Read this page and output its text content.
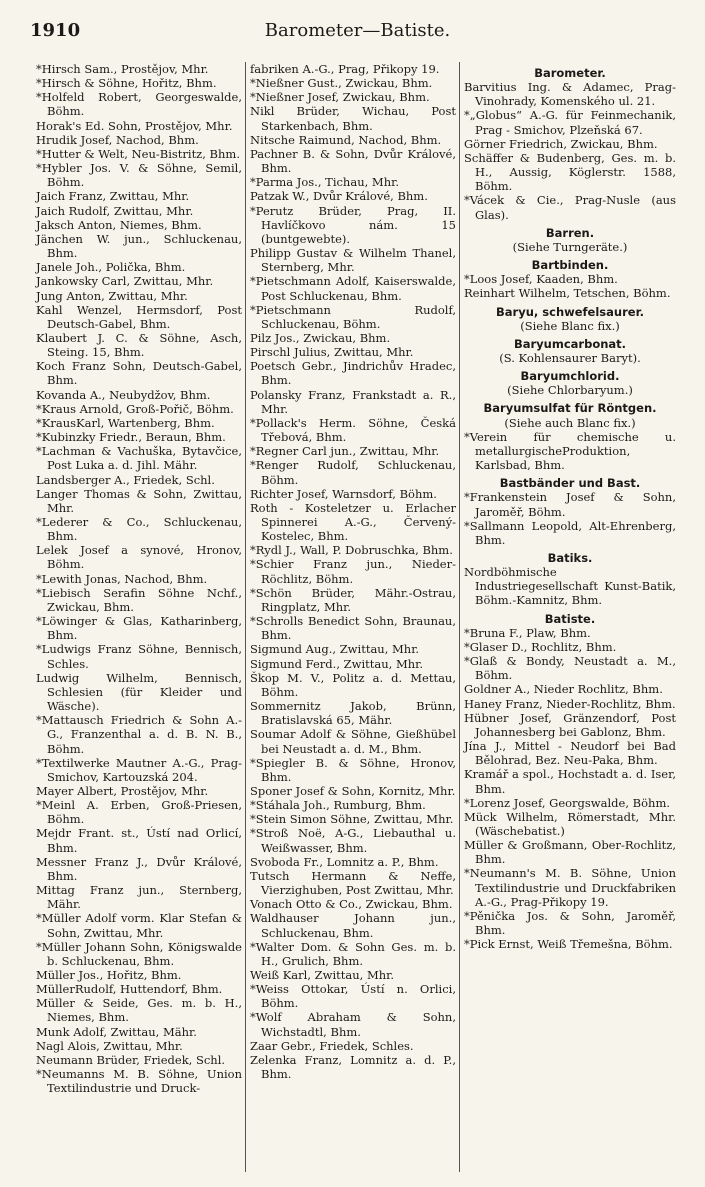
1910	Barometer—Batiste.
*Hirsch Sam., Prostějov, Mhr.
*Hirsch & Söhne, Hořitz, Bhm.
*Holfeld Robert, Georgeswalde, Böhm.
Horak's Ed. Sohn, Prostějov, Mhr.
Hrudik Josef, Nachod, Bhm.
*Hutter & Welt, Neu-Bistritz, Bhm.
*Hybler Jos. V. & Söhne, Semil, Böhm.
Jaich Franz, Zwittau, Mhr.
Jaich Rudolf, Zwittau, Mhr.
Jaksch Anton, Niemes, Bhm.
Jänchen W. jun., Schluckenau, Bhm.
Janele Joh., Polička, Bhm.
Jankowsky Carl, Zwittau, Mhr.
Jung Anton, Zwittau, Mhr.
Kahl Wenzel, Hermsdorf, Post Deutsch-Gabel, Bhm.
Klaubert J. C. & Söhne, Asch, Steing. 15, Bhm.
Koch Franz Sohn, Deutsch-Gabel, Bhm.
Kovanda A., Neubydžov, Bhm.
*Kraus Arnold, Groß-Pořič, Böhm.
*KrausKarl, Wartenberg, Bhm.
*Kubinzky Friedr., Beraun, Bhm.
*Lachman & Vachuška, Bytavčice, Post Luka a. d. Jihl. Mähr.
Landsberger A., Friedek, Schl.
Langer Thomas & Sohn, Zwittau, Mhr.
*Lederer & Co., Schluckenau, Bhm.
Lelek Josef a synové, Hronov, Böhm.
*Lewith Jonas, Nachod, Bhm.
*Liebisch Serafin Söhne Nchf., Zwickau, Bhm.
*Löwinger & Glas, Katharinberg, Bhm.
*Ludwigs Franz Söhne, Bennisch, Schles.
Ludwig Wilhelm, Bennisch, Schlesien (für Kleider und Wäsche).
*Mattausch Friedrich & Sohn A.-G., Franzenthal a. d. B. N. B., Böhm.
*Textilwerke Mautner A.-G., Prag-Smichov, Kartouzská 204.
Mayer Albert, Prostějov, Mhr.
*Meinl A. Erben, Groß-Priesen, Böhm.
Mejdr Frant. st., Ústí nad Orlicí, Bhm.
Messner Franz J., Dvůr Králové, Bhm.
Mittag Franz jun., Sternberg, Mähr.
*Müller Adolf vorm. Klar Stefan & Sohn, Zwittau, Mhr.
*Müller Johann Sohn, Königswalde b. Schluckenau, Bhm.
Müller Jos., Hořitz, Bhm.
MüllerRudolf, Huttendorf, Bhm.
Müller & Seide, Ges. m. b. H., Niemes, Bhm.
Munk Adolf, Zwittau, Mähr.
Nagl Alois, Zwittau, Mhr.
Neumann Brüder, Friedek, Schl.
*Neumanns M. B. Söhne, Union Textilindustrie und Druck-
fabriken A.-G., Prag, Přikopy 19.
*Nießner Gust., Zwickau, Bhm.
*Nießner Josef, Zwickau, Bhm.
Nikl Brüder, Wichau, Post Starkenbach, Bhm.
Nitsche Raimund, Nachod, Bhm.
Pachner B. & Sohn, Dvůr Králové, Bhm.
*Parma Jos., Tichau, Mhr.
Patzak W., Dvůr Králové, Bhm.
*Perutz Brüder, Prag, II. Havlíčkovo nám. 15 (buntgewebte).
Philipp Gustav & Wilhelm Thanel, Sternberg, Mhr.
*Pietschmann Adolf, Kaiserswalde, Post Schluckenau, Bhm.
*Pietschmann Rudolf, Schluckenau, Böhm.
Pilz Jos., Zwickau, Bhm.
Pirschl Julius, Zwittau, Mhr.
Poetsch Gebr., Jindrichův Hradec, Bhm.
Polansky Franz, Frankstadt a. R., Mhr.
*Pollack's Herm. Söhne, Česká Třebová, Bhm.
*Regner Carl jun., Zwittau, Mhr.
*Renger Rudolf, Schluckenau, Böhm.
Richter Josef, Warnsdorf, Böhm.
Roth - Kosteletzer u. Erlacher Spinnerei A.-G., Červený-Kostelec, Bhm.
*Rydl J., Wall, P. Dobruschka, Bhm.
*Schier Franz jun., Nieder-Röchlitz, Böhm.
*Schön Brüder, Mähr.-Ostrau, Ringplatz, Mhr.
*Schrolls Benedict Sohn, Braunau, Bhm.
Sigmund Aug., Zwittau, Mhr.
Sigmund Ferd., Zwittau, Mhr.
Škop M. V., Politz a. d. Mettau, Böhm.
Sommernitz Jakob, Brünn, Bratislavská 65, Mähr.
Soumar Adolf & Söhne, Gießhübel bei Neustadt a. d. M., Bhm.
*Spiegler B. & Söhne, Hronov, Bhm.
Sponer Josef & Sohn, Kornitz, Mhr.
*Stáhala Joh., Rumburg, Bhm.
*Stein Simon Söhne, Zwittau, Mhr.
*Stroß Noë, A-G., Liebauthal u. Weißwasser, Bhm.
Svoboda Fr., Lomnitz a. P., Bhm.
Tutsch Hermann & Neffe, Vierzighuben, Post Zwittau, Mhr.
Vonach Otto & Co., Zwickau, Bhm.
Waldhauser Johann jun., Schluckenau, Bhm.
*Walter Dom. & Sohn Ges. m. b. H., Grulich, Bhm.
Weiß Karl, Zwittau, Mhr.
*Weiss Ottokar, Ústí n. Orlici, Böhm.
*Wolf Abraham & Sohn, Wichstadtl, Bhm.
Zaar Gebr., Friedek, Schles.
Zelenka Franz, Lomnitz a. d. P., Bhm.
Barometer.
Barvitius Ing. & Adamec, Prag-Vinohrady, Komenského ul. 21.
*„Globus“ A.-G. für Feinmechanik, Prag - Smichov, Plzeňská 67.
Görner Friedrich, Zwickau, Bhm.
Schäffer & Budenberg, Ges. m. b. H., Aussig, Köglerstr. 1588, Böhm.
*Vácek & Cie., Prag-Nusle (aus Glas).
Barren.
(Siehe Turngeräte.)
Bartbinden.
*Loos Josef, Kaaden, Bhm.
Reinhart Wilhelm, Tetschen, Böhm.
Baryu, schwefelsaurer.
(Siehe Blanc fix.)
Baryumcarbonat.
(S. Kohlensaurer Baryt).
Baryumchlorid.
(Siehe Chlorbaryum.)
Baryumsulfat für Röntgen.
(Siehe auch Blanc fix.)
*Verein für chemische u. metallurgischeProduktion, Karlsbad, Bhm.
Bastbänder und Bast.
*Frankenstein Josef & Sohn, Jaroměř, Böhm.
*Sallmann Leopold, Alt-Ehrenberg, Bhm.
Batiks.
Nordböhmische Industriegesellschaft Kunst-Batik, Böhm.-Kamnitz, Bhm.
Batiste.
*Bruna F., Plaw, Bhm.
*Glaser D., Rochlitz, Bhm.
*Glaß & Bondy, Neustadt a. M., Böhm.
Goldner A., Nieder Rochlitz, Bhm.
Haney Franz, Nieder-Rochlitz, Bhm.
Hübner Josef, Gränzendorf, Post Johannesberg bei Gablonz, Bhm.
Jína J., Mittel - Neudorf bei Bad Bělohrad, Bez. Neu-Paka, Bhm.
Kramář a spol., Hochstadt a. d. Iser, Bhm.
*Lorenz Josef, Georgswalde, Böhm.
Mück Wilhelm, Römerstadt, Mhr. (Wäschebatist.)
Müller & Großmann, Ober-Rochlitz, Bhm.
*Neumann's M. B. Söhne, Union Textilindustrie und Druckfabriken A.-G., Prag-Přikopy 19.
*Pěnička Jos. & Sohn, Jaroměř, Bhm.
*Pick Ernst, Weiß Třemešna, Böhm.
